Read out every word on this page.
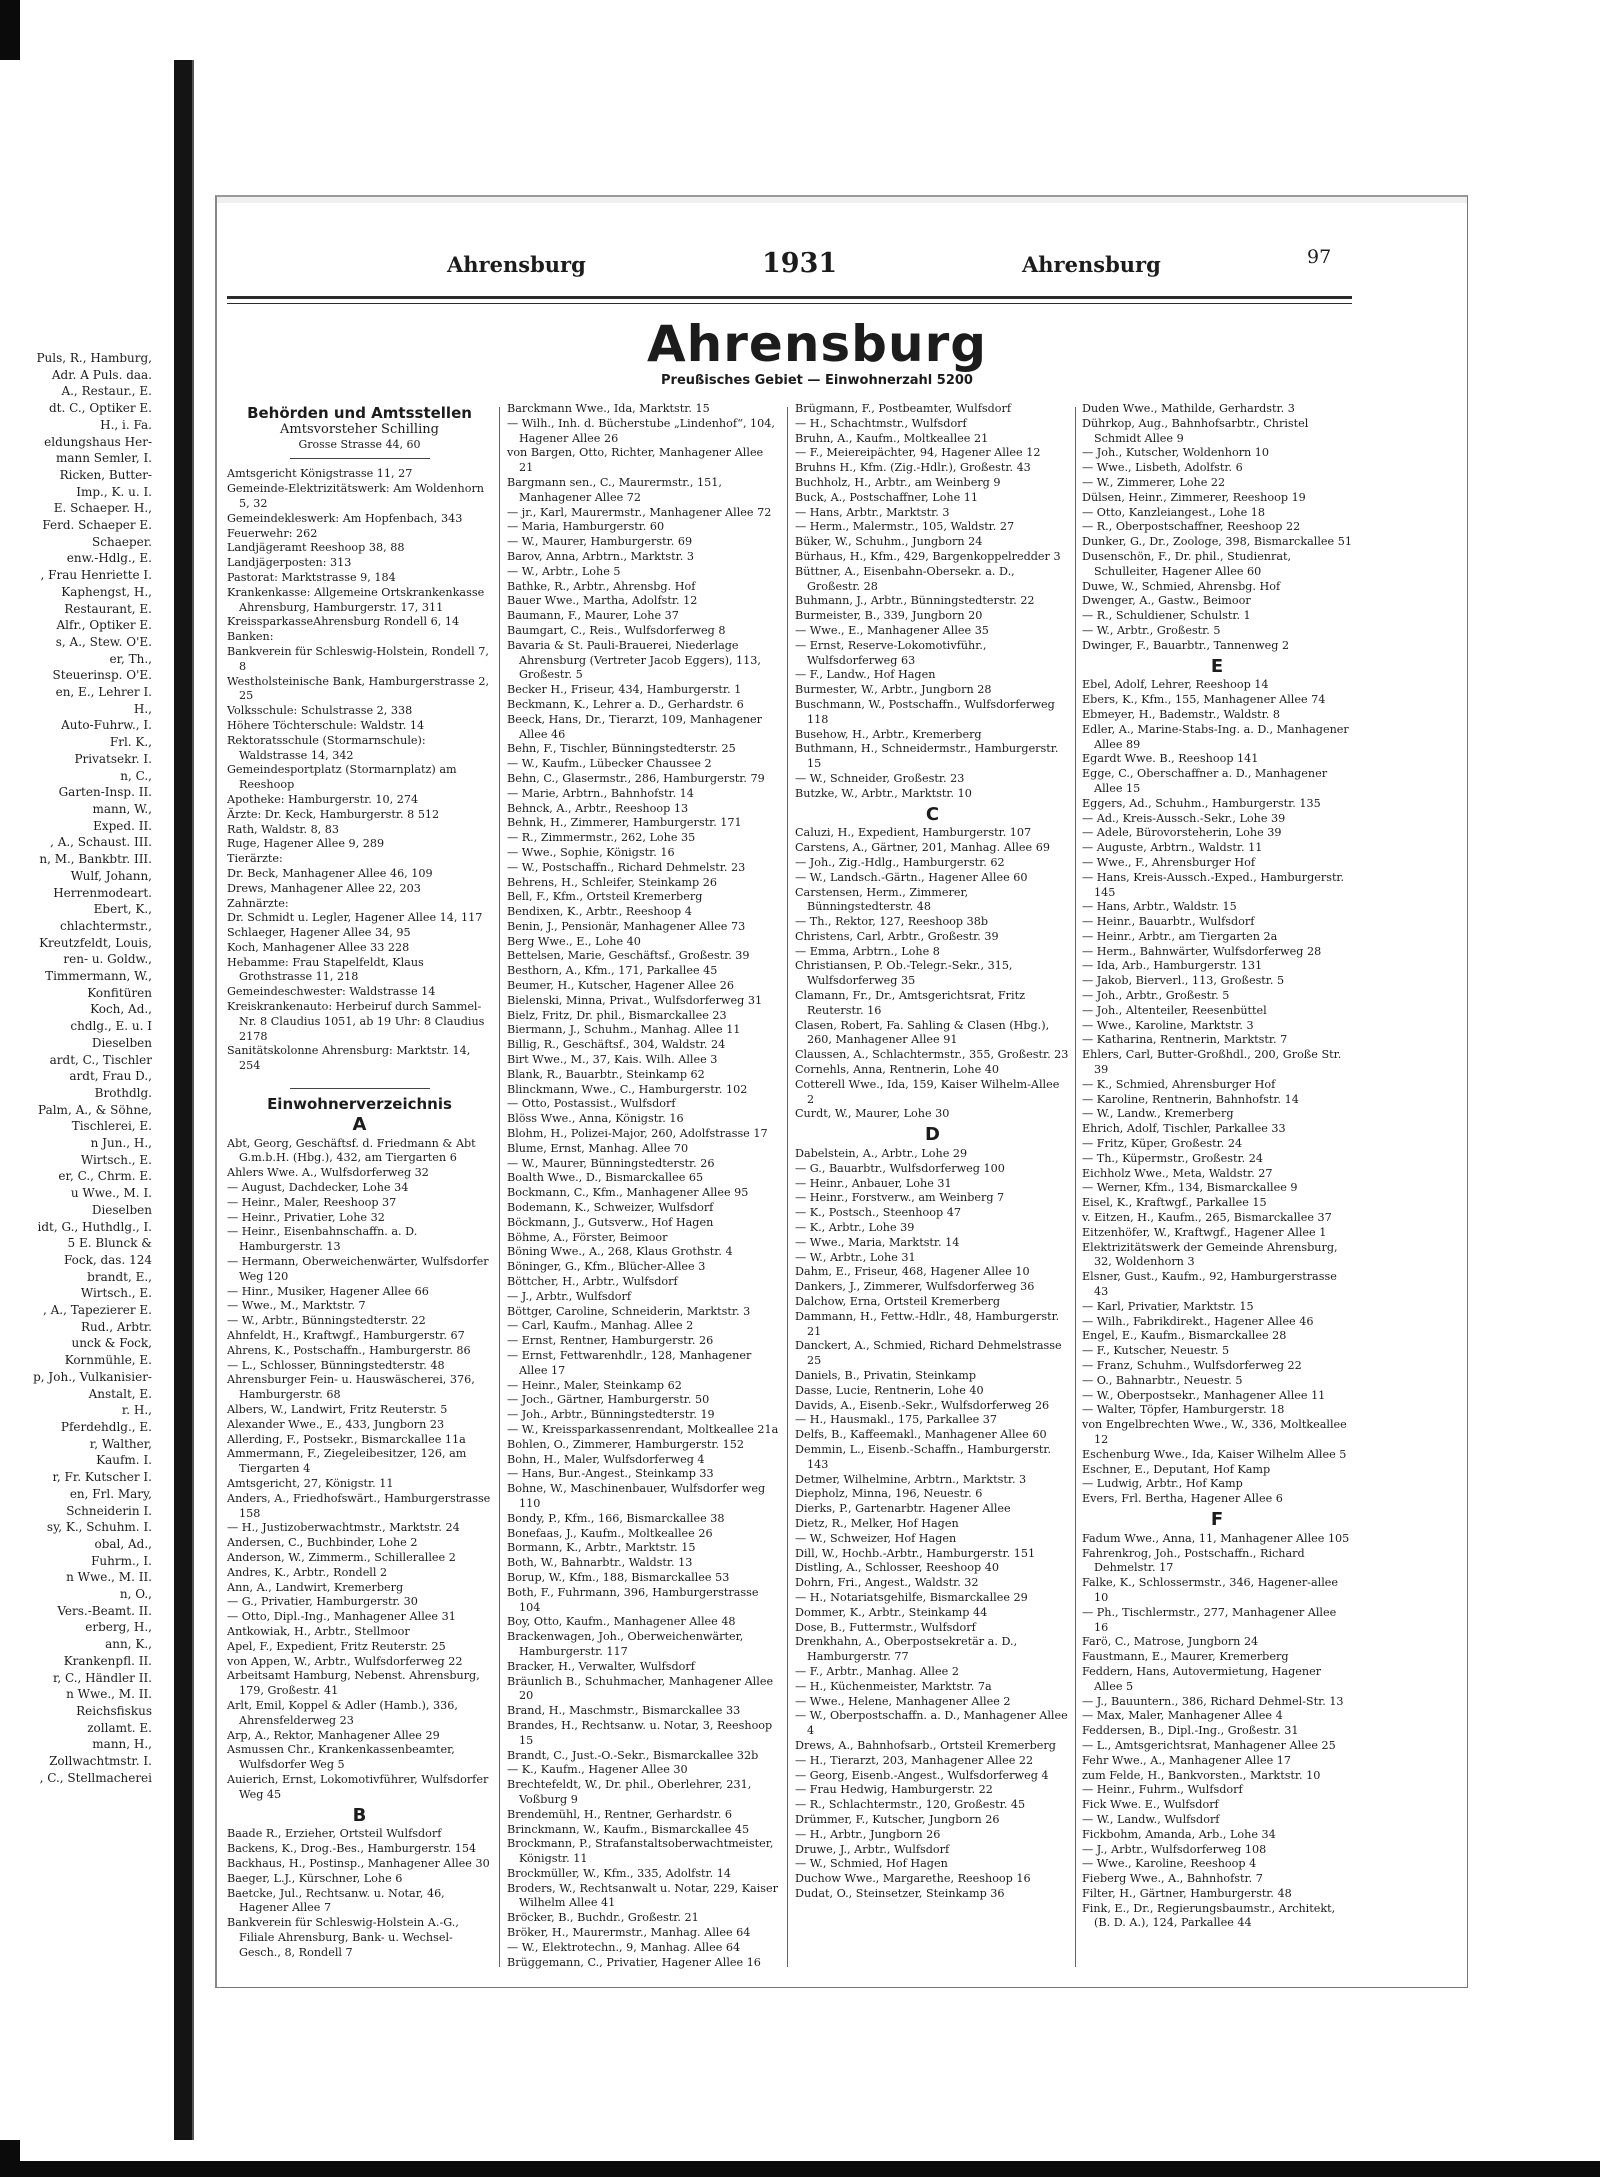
Puls, R., Hamburg,
Adr. A Puls. daa.
A., Restaur., E.
dt. C., Optiker E.
H., i. Fa.
eldungshaus Her-
mann Semler, I.
Ricken, Butter-
Imp., K. u. I.
E. Schaeper. H.,
Ferd. Schaeper E.
Schaeper.
enw.-Hdlg., E.
, Frau Henriette I.
Kaphengst, H.,
Restaurant, E.
Alfr., Optiker E.
s, A., Stew. O'E.
er, Th.,
Steuerinsp. O'E.
en, E., Lehrer I.
H.,
Auto-Fuhrw., I.
Frl. K.,
Privatsekr. I.
n, C.,
Garten-Insp. II.
mann, W.,
Exped. II.
, A., Schaust. III.
n, M., Bankbtr. III.
Wulf, Johann,
Herrenmodeart.
Ebert, K.,
chlachtermstr.,
Kreutzfeldt, Louis,
ren- u. Goldw.,
Timmermann, W.,
Konfitüren
Koch, Ad.,
chdlg., E. u. I
Dieselben
ardt, C., Tischler
ardt, Frau D.,
Brothdlg.
Palm, A., & Söhne,
Tischlerei, E.
n Jun., H.,
Wirtsch., E.
er, C., Chrm. E.
u Wwe., M. I.
Dieselben
idt, G., Huthdlg., I.
5 E. Blunck &
Fock, das. 124
brandt, E.,
Wirtsch., E.
, A., Tapezierer E.
Rud., Arbtr.
unck & Fock,
Kornmühle, E.
p, Joh., Vulkanisier-
Anstalt, E.
r. H.,
Pferdehdlg., E.
r, Walther,
Kaufm. I.
r, Fr. Kutscher I.
en, Frl. Mary,
Schneiderin I.
sy, K., Schuhm. I.
obal, Ad.,
Fuhrm., I.
n Wwe., M. II.
n, O.,
Vers.-Beamt. II.
erberg, H.,
ann, K.,
Krankenpfl. II.
r, C., Händler II.
n Wwe., M. II.
Reichsfiskus
zollamt. E.
mann, H.,
Zollwachtmstr. I.
, C., Stellmacherei
Ahrensburg	1931	Ahrensburg	97
Ahrensburg
Preußisches Gebiet — Einwohnerzahl 5200
Behörden und Amtsstellen
Amtsvorsteher Schilling
Grosse Strasse 44, 60

Amtsgericht Königstrasse 11, 27

Gemeinde-Elektrizitätswerk: Am Woldenhorn 5, 32

Gemeindekleswerk: Am Hopfenbach, 343

Feuerwehr: 262

Landjägeramt Reeshoop 38, 88

Landjägerposten: 313

Pastorat: Marktstrasse 9, 184

Krankenkasse: Allgemeine Ortskrankenkasse Ahrensburg, Hamburgerstr. 17, 311

KreissparkasseAhrensburg Rondell 6, 14

Banken:

Bankverein für Schleswig-Holstein, Rondell 7, 8

Westholsteinische Bank, Hamburgerstrasse 2, 25

Volksschule: Schulstrasse 2, 338

Höhere Töchterschule: Waldstr. 14

Rektoratsschule (Stormarnschule): Waldstrasse 14, 342

Gemeindesportplatz (Stormarnplatz) am Reeshoop

Apotheke: Hamburgerstr. 10, 274

Ärzte: Dr. Keck, Hamburgerstr. 8 512

Rath, Waldstr. 8, 83

Ruge, Hagener Allee 9, 289

Tierärzte:

Dr. Beck, Manhagener Allee 46, 109

Drews, Manhagener Allee 22, 203

Zahnärzte:

Dr. Schmidt u. Legler, Hagener Allee 14, 117

Schlaeger, Hagener Allee 34, 95

Koch, Manhagener Allee 33 228

Hebamme: Frau Stapelfeldt, Klaus Grothstrasse 11, 218

Gemeindeschwester: Waldstrasse 14

Kreiskrankenauto: Herbeiruf durch Sammel-Nr. 8 Claudius 1051, ab 19 Uhr: 8 Claudius 2178

Sanitätskolonne Ahrensburg: Marktstr. 14, 254

Einwohnerverzeichnis
A

Abt, Georg, Geschäftsf. d. Friedmann & Abt G.m.b.H. (Hbg.), 432, am Tiergarten 6

Ahlers Wwe. A., Wulfsdorferweg 32

— August, Dachdecker, Lohe 34

— Heinr., Maler, Reeshoop 37

— Heinr., Privatier, Lohe 32

— Heinr., Eisenbahnschaffn. a. D. Hamburgerstr. 13

— Hermann, Oberweichenwärter, Wulfsdorfer Weg 120

— Hinr., Musiker, Hagener Allee 66

— Wwe., M., Marktstr. 7

— W., Arbtr., Bünningstedterstr. 22

Ahnfeldt, H., Kraftwgf., Hamburgerstr. 67

Ahrens, K., Postschaffn., Hamburgerstr. 86

— L., Schlosser, Bünningstedterstr. 48

Ahrensburger Fein- u. Hauswäscherei, 376, Hamburgerstr. 68

Albers, W., Landwirt, Fritz Reuterstr. 5

Alexander Wwe., E., 433, Jungborn 23

Allerding, F., Postsekr., Bismarckallee 11a

Ammermann, F., Ziegeleibesitzer, 126, am Tiergarten 4

Amtsgericht, 27, Königstr. 11

Anders, A., Friedhofswärt., Hamburgerstrasse 158

— H., Justizoberwachtmstr., Marktstr. 24

Andersen, C., Buchbinder, Lohe 2

Anderson, W., Zimmerm., Schillerallee 2

Andres, K., Arbtr., Rondell 2

Ann, A., Landwirt, Kremerberg

— G., Privatier, Hamburgerstr. 30

— Otto, Dipl.-Ing., Manhagener Allee 31

Antkowiak, H., Arbtr., Stellmoor

Apel, F., Expedient, Fritz Reuterstr. 25

von Appen, W., Arbtr., Wulfsdorferweg 22

Arbeitsamt Hamburg, Nebenst. Ahrensburg, 179, Großestr. 41

Arlt, Emil, Koppel & Adler (Hamb.), 336, Ahrensfelderweg 23

Arp, A., Rektor, Manhagener Allee 29

Asmussen Chr., Krankenkassenbeamter, Wulfsdorfer Weg 5

Auierich, Ernst, Lokomotivführer, Wulfsdorfer Weg 45

B

Baade R., Erzieher, Ortsteil Wulfsdorf

Backens, K., Drog.-Bes., Hamburgerstr. 154

Backhaus, H., Postinsp., Manhagener Allee 30

Baeger, L.J., Kürschner, Lohe 6

Baetcke, Jul., Rechtsanw. u. Notar, 46, Hagener Allee 7

Bankverein für Schleswig-Holstein A.-G., Filiale Ahrensburg, Bank- u. Wechsel-Gesch., 8, Rondell 7

Barckmann Wwe., Ida, Marktstr. 15

— Wilh., Inh. d. Bücherstube „Lindenhof“, 104, Hagener Allee 26

von Bargen, Otto, Richter, Manhagener Allee 21

Bargmann sen., C., Maurermstr., 151, Manhagener Allee 72

— jr., Karl, Maurermstr., Manhagener Allee 72

— Maria, Hamburgerstr. 60

— W., Maurer, Hamburgerstr. 69

Barov, Anna, Arbtrn., Marktstr. 3

— W., Arbtr., Lohe 5

Bathke, R., Arbtr., Ahrensbg. Hof

Bauer Wwe., Martha, Adolfstr. 12

Baumann, F., Maurer, Lohe 37

Baumgart, C., Reis., Wulfsdorferweg 8

Bavaria & St. Pauli-Brauerei, Niederlage Ahrensburg (Vertreter Jacob Eggers), 113, Großestr. 5

Becker H., Friseur, 434, Hamburgerstr. 1

Beckmann, K., Lehrer a. D., Gerhardstr. 6

Beeck, Hans, Dr., Tierarzt, 109, Manhagener Allee 46

Behn, F., Tischler, Bünningstedterstr. 25

— W., Kaufm., Lübecker Chaussee 2

Behn, C., Glasermstr., 286, Hamburgerstr. 79

— Marie, Arbtrn., Bahnhofstr. 14

Behnck, A., Arbtr., Reeshoop 13

Behnk, H., Zimmerer, Hamburgerstr. 171

— R., Zimmermstr., 262, Lohe 35

— Wwe., Sophie, Königstr. 16

— W., Postschaffn., Richard Dehmelstr. 23

Behrens, H., Schleifer, Steinkamp 26

Bell, F., Kfm., Ortsteil Kremerberg

Bendixen, K., Arbtr., Reeshoop 4

Benin, J., Pensionär, Manhagener Allee 73

Berg Wwe., E., Lohe 40

Bettelsen, Marie, Geschäftsf., Großestr. 39

Besthorn, A., Kfm., 171, Parkallee 45

Beumer, H., Kutscher, Hagener Allee 26

Bielenski, Minna, Privat., Wulfsdorferweg 31

Bielz, Fritz, Dr. phil., Bismarckallee 23

Biermann, J., Schuhm., Manhag. Allee 11

Billig, R., Geschäftsf., 304, Waldstr. 24

Birt Wwe., M., 37, Kais. Wilh. Allee 3

Blank, R., Bauarbtr., Steinkamp 62

Blinckmann, Wwe., C., Hamburgerstr. 102

— Otto, Postassist., Wulfsdorf

Blöss Wwe., Anna, Königstr. 16

Blohm, H., Polizei-Major, 260, Adolfstrasse 17

Blume, Ernst, Manhag. Allee 70

— W., Maurer, Bünningstedterstr. 26

Boalth Wwe., D., Bismarckallee 65

Bockmann, C., Kfm., Manhagener Allee 95

Bodemann, K., Schweizer, Wulfsdorf

Böckmann, J., Gutsverw., Hof Hagen

Böhme, A., Förster, Beimoor

Böning Wwe., A., 268, Klaus Grothstr. 4

Böninger, G., Kfm., Blücher-Allee 3

Böttcher, H., Arbtr., Wulfsdorf

— J., Arbtr., Wulfsdorf

Böttger, Caroline, Schneiderin, Marktstr. 3

— Carl, Kaufm., Manhag. Allee 2

— Ernst, Rentner, Hamburgerstr. 26

— Ernst, Fettwarenhdlr., 128, Manhagener Allee 17

— Heinr., Maler, Steinkamp 62

— Joch., Gärtner, Hamburgerstr. 50

— Joh., Arbtr., Bünningstedterstr. 19

— W., Kreissparkassenrendant, Moltkeallee 21a

Bohlen, O., Zimmerer, Hamburgerstr. 152

Bohn, H., Maler, Wulfsdorferweg 4

— Hans, Bur.-Angest., Steinkamp 33

Bohne, W., Maschinenbauer, Wulfsdorfer weg 110

Bondy, P., Kfm., 166, Bismarckallee 38

Bonefaas, J., Kaufm., Moltkeallee 26

Bormann, K., Arbtr., Marktstr. 15

Both, W., Bahnarbtr., Waldstr. 13

Borup, W., Kfm., 188, Bismarckallee 53

Both, F., Fuhrmann, 396, Hamburgerstrasse 104

Boy, Otto, Kaufm., Manhagener Allee 48

Brackenwagen, Joh., Oberweichenwärter, Hamburgerstr. 117

Bracker, H., Verwalter, Wulfsdorf

Bräunlich B., Schuhmacher, Manhagener Allee 20

Brand, H., Maschmstr., Bismarckallee 33

Brandes, H., Rechtsanw. u. Notar, 3, Reeshoop 15

Brandt, C., Just.-O.-Sekr., Bismarckallee 32b

— K., Kaufm., Hagener Allee 30

Brechtefeldt, W., Dr. phil., Oberlehrer, 231, Voßburg 9

Brendemühl, H., Rentner, Gerhardstr. 6

Brinckmann, W., Kaufm., Bismarckallee 45

Brockmann, P., Strafanstaltsoberwachtmeister, Königstr. 11

Brockmüller, W., Kfm., 335, Adolfstr. 14

Broders, W., Rechtsanwalt u. Notar, 229, Kaiser Wilhelm Allee 41

Bröcker, B., Buchdr., Großestr. 21

Bröker, H., Maurermstr., Manhag. Allee 64

— W., Elektrotechn., 9, Manhag. Allee 64

Brüggemann, C., Privatier, Hagener Allee 16

Brügmann, F., Postbeamter, Wulfsdorf

— H., Schachtmstr., Wulfsdorf

Bruhn, A., Kaufm., Moltkeallee 21

— F., Meiereipächter, 94, Hagener Allee 12

Bruhns H., Kfm. (Zig.-Hdlr.), Großestr. 43

Buchholz, H., Arbtr., am Weinberg 9

Buck, A., Postschaffner, Lohe 11

— Hans, Arbtr., Marktstr. 3

— Herm., Malermstr., 105, Waldstr. 27

Büker, W., Schuhm., Jungborn 24

Bürhaus, H., Kfm., 429, Bargenkoppelredder 3

Büttner, A., Eisenbahn-Obersekr. a. D., Großestr. 28

Buhmann, J., Arbtr., Bünningstedterstr. 22

Burmeister, B., 339, Jungborn 20

— Wwe., E., Manhagener Allee 35

— Ernst, Reserve-Lokomotivführ., Wulfsdorferweg 63

— F., Landw., Hof Hagen

Burmester, W., Arbtr., Jungborn 28

Buschmann, W., Postschaffn., Wulfsdorferweg 118

Busehow, H., Arbtr., Kremerberg

Buthmann, H., Schneidermstr., Hamburgerstr. 15

— W., Schneider, Großestr. 23

Butzke, W., Arbtr., Marktstr. 10

C

Caluzi, H., Expedient, Hamburgerstr. 107

Carstens, A., Gärtner, 201, Manhag. Allee 69

— Joh., Zig.-Hdlg., Hamburgerstr. 62

— W., Landsch.-Gärtn., Hagener Allee 60

Carstensen, Herm., Zimmerer, Bünningstedterstr. 48

— Th., Rektor, 127, Reeshoop 38b

Christens, Carl, Arbtr., Großestr. 39

— Emma, Arbtrn., Lohe 8

Christiansen, P. Ob.-Telegr.-Sekr., 315, Wulfsdorferweg 35

Clamann, Fr., Dr., Amtsgerichtsrat, Fritz Reuterstr. 16

Clasen, Robert, Fa. Sahling & Clasen (Hbg.), 260, Manhagener Allee 91

Claussen, A., Schlachtermstr., 355, Großestr. 23

Cornehls, Anna, Rentnerin, Lohe 40

Cotterell Wwe., Ida, 159, Kaiser Wilhelm-Allee 2

Curdt, W., Maurer, Lohe 30

D

Dabelstein, A., Arbtr., Lohe 29

— G., Bauarbtr., Wulfsdorferweg 100

— Heinr., Anbauer, Lohe 31

— Heinr., Forstverw., am Weinberg 7

— K., Postsch., Steenhoop 47

— K., Arbtr., Lohe 39

— Wwe., Maria, Marktstr. 14

— W., Arbtr., Lohe 31

Dahm, E., Friseur, 468, Hagener Allee 10

Dankers, J., Zimmerer, Wulfsdorferweg 36

Dalchow, Erna, Ortsteil Kremerberg

Dammann, H., Fettw.-Hdlr., 48, Hamburgerstr. 21

Danckert, A., Schmied, Richard Dehmelstrasse 25

Daniels, B., Privatin, Steinkamp

Dasse, Lucie, Rentnerin, Lohe 40

Davids, A., Eisenb.-Sekr., Wulfsdorferweg 26

— H., Hausmakl., 175, Parkallee 37

Delfs, B., Kaffeemakl., Manhagener Allee 60

Demmin, L., Eisenb.-Schaffn., Hamburgerstr. 143

Detmer, Wilhelmine, Arbtrn., Marktstr. 3

Diepholz, Minna, 196, Neuestr. 6

Dierks, P., Gartenarbtr. Hagener Allee

Dietz, R., Melker, Hof Hagen

— W., Schweizer, Hof Hagen

Dill, W., Hochb.-Arbtr., Hamburgerstr. 151

Distling, A., Schlosser, Reeshoop 40

Dohrn, Fri., Angest., Waldstr. 32

— H., Notariatsgehilfe, Bismarckallee 29

Dommer, K., Arbtr., Steinkamp 44

Dose, B., Futtermstr., Wulfsdorf

Drenkhahn, A., Oberpostsekretär a. D., Hamburgerstr. 77

— F., Arbtr., Manhag. Allee 2

— H., Küchenmeister, Marktstr. 7a

— Wwe., Helene, Manhagener Allee 2

— W., Oberpostschaffn. a. D., Manhagener Allee 4

Drews, A., Bahnhofsarb., Ortsteil Kremerberg

— H., Tierarzt, 203, Manhagener Allee 22

— Georg, Eisenb.-Angest., Wulfsdorferweg 4

— Frau Hedwig, Hamburgerstr. 22

— R., Schlachtermstr., 120, Großestr. 45

Drümmer, F., Kutscher, Jungborn 26

— H., Arbtr., Jungborn 26

Druwe, J., Arbtr., Wulfsdorf

— W., Schmied, Hof Hagen

Duchow Wwe., Margarethe, Reeshoop 16

Dudat, O., Steinsetzer, Steinkamp 36

Duden Wwe., Mathilde, Gerhardstr. 3

Dührkop, Aug., Bahnhofsarbtr., Christel Schmidt Allee 9

— Joh., Kutscher, Woldenhorn 10

— Wwe., Lisbeth, Adolfstr. 6

— W., Zimmerer, Lohe 22

Dülsen, Heinr., Zimmerer, Reeshoop 19

— Otto, Kanzleiangest., Lohe 18

— R., Oberpostschaffner, Reeshoop 22

Dunker, G., Dr., Zoologe, 398, Bismarckallee 51

Dusenschön, F., Dr. phil., Studienrat, Schulleiter, Hagener Allee 60

Duwe, W., Schmied, Ahrensbg. Hof

Dwenger, A., Gastw., Beimoor

— R., Schuldiener, Schulstr. 1

— W., Arbtr., Großestr. 5

Dwinger, F., Bauarbtr., Tannenweg 2

E

Ebel, Adolf, Lehrer, Reeshoop 14

Ebers, K., Kfm., 155, Manhagener Allee 74

Ebmeyer, H., Bademstr., Waldstr. 8

Edler, A., Marine-Stabs-Ing. a. D., Manhagener Allee 89

Egardt Wwe. B., Reeshoop 141

Egge, C., Oberschaffner a. D., Manhagener Allee 15

Eggers, Ad., Schuhm., Hamburgerstr. 135

— Ad., Kreis-Aussch.-Sekr., Lohe 39

— Adele, Bürovorsteherin, Lohe 39

— Auguste, Arbtrn., Waldstr. 11

— Wwe., F., Ahrensburger Hof

— Hans, Kreis-Aussch.-Exped., Hamburgerstr. 145

— Hans, Arbtr., Waldstr. 15

— Heinr., Bauarbtr., Wulfsdorf

— Heinr., Arbtr., am Tiergarten 2a

— Herm., Bahnwärter, Wulfsdorferweg 28

— Ida, Arb., Hamburgerstr. 131

— Jakob, Bierverl., 113, Großestr. 5

— Joh., Arbtr., Großestr. 5

— Joh., Altenteiler, Reesenbüttel

— Wwe., Karoline, Marktstr. 3

— Katharina, Rentnerin, Marktstr. 7

Ehlers, Carl, Butter-Großhdl., 200, Große Str. 39

— K., Schmied, Ahrensburger Hof

— Karoline, Rentnerin, Bahnhofstr. 14

— W., Landw., Kremerberg

Ehrich, Adolf, Tischler, Parkallee 33

— Fritz, Küper, Großestr. 24

— Th., Küpermstr., Großestr. 24

Eichholz Wwe., Meta, Waldstr. 27

— Werner, Kfm., 134, Bismarckallee 9

Eisel, K., Kraftwgf., Parkallee 15

v. Eitzen, H., Kaufm., 265, Bismarckallee 37

Eitzenhöfer, W., Kraftwgf., Hagener Allee 1

Elektrizitätswerk der Gemeinde Ahrensburg, 32, Woldenhorn 3

Elsner, Gust., Kaufm., 92, Hamburgerstrasse 43

— Karl, Privatier, Marktstr. 15

— Wilh., Fabrikdirekt., Hagener Allee 46

Engel, E., Kaufm., Bismarckallee 28

— F., Kutscher, Neuestr. 5

— Franz, Schuhm., Wulfsdorferweg 22

— O., Bahnarbtr., Neuestr. 5

— W., Oberpostsekr., Manhagener Allee 11

— Walter, Töpfer, Hamburgerstr. 18

von Engelbrechten Wwe., W., 336, Moltkeallee 12

Eschenburg Wwe., Ida, Kaiser Wilhelm Allee 5

Eschner, E., Deputant, Hof Kamp

— Ludwig, Arbtr., Hof Kamp

Evers, Frl. Bertha, Hagener Allee 6

F

Fadum Wwe., Anna, 11, Manhagener Allee 105

Fahrenkrog, Joh., Postschaffn., Richard Dehmelstr. 17

Falke, K., Schlossermstr., 346, Hagener-allee 10

— Ph., Tischlermstr., 277, Manhagener Allee 16

Farö, C., Matrose, Jungborn 24

Faustmann, E., Maurer, Kremerberg

Feddern, Hans, Autovermietung, Hagener Allee 5

— J., Bauuntern., 386, Richard Dehmel-Str. 13

— Max, Maler, Manhagener Allee 4

Feddersen, B., Dipl.-Ing., Großestr. 31

— L., Amtsgerichtsrat, Manhagener Allee 25

Fehr Wwe., A., Manhagener Allee 17

zum Felde, H., Bankvorsten., Marktstr. 10

— Heinr., Fuhrm., Wulfsdorf

Fick Wwe. E., Wulfsdorf

— W., Landw., Wulfsdorf

Fickbohm, Amanda, Arb., Lohe 34

— J., Arbtr., Wulfsdorferweg 108

— Wwe., Karoline, Reeshoop 4

Fieberg Wwe., A., Bahnhofstr. 7

Filter, H., Gärtner, Hamburgerstr. 48

Fink, E., Dr., Regierungsbaumstr., Architekt, (B. D. A.), 124, Parkallee 44
